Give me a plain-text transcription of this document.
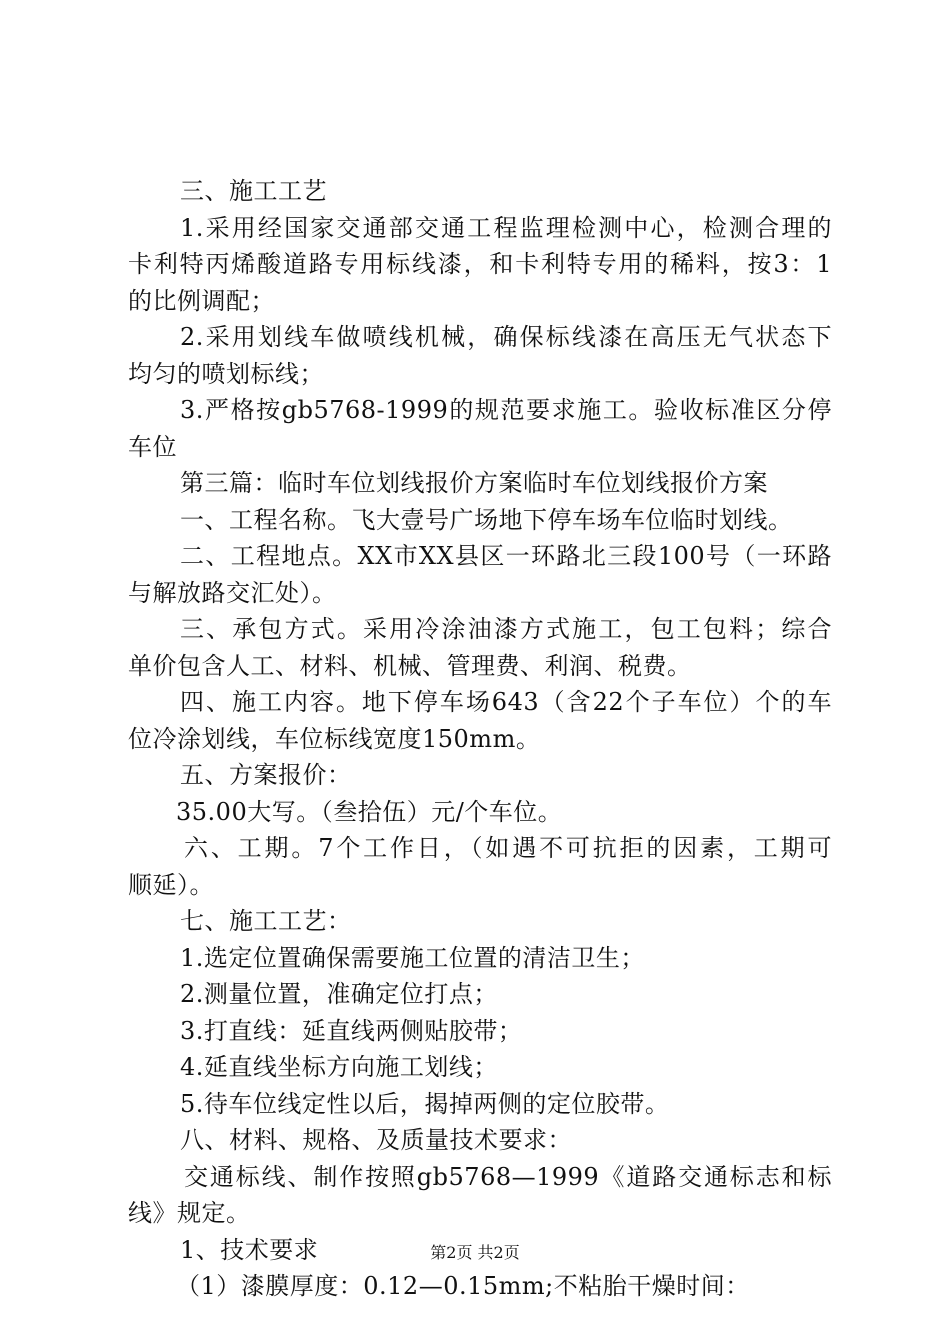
三、施工工艺
1.采用经国家交通部交通工程监理检测中心，检测合理的
卡利特丙烯酸道路专用标线漆，和卡利特专用的稀料，按3：1
的比例调配；
2.采用划线车做喷线机械，确保标线漆在高压无气状态下
均匀的喷划标线；
3.严格按gb5768-1999的规范要求施工。验收标准区分停
车位
第三篇：临时车位划线报价方案临时车位划线报价方案
一、工程名称。飞大壹号广场地下停车场车位临时划线。
二、工程地点。XX市XX县区一环路北三段100号（一环路
与解放路交汇处）。
三、承包方式。采用冷涂油漆方式施工，包工包料；综合
单价包含人工、材料、机械、管理费、利润、税费。
四、施工内容。地下停车场643（含22个子车位）个的车
位冷涂划线，车位标线宽度150mm。
五、方案报价：
35.00大写。（叁拾伍）元/个车位。
六、工期。7个工作日，（如遇不可抗拒的因素，工期可
顺延）。
七、施工工艺：
1.选定位置确保需要施工位置的清洁卫生；
2.测量位置，准确定位打点；
3.打直线：延直线两侧贴胶带；
4.延直线坐标方向施工划线；
5.待车位线定性以后，揭掉两侧的定位胶带。
八、材料、规格、及质量技术要求：
交通标线、制作按照gb5768—1999《道路交通标志和标
线》规定。
1、技术要求
（1）漆膜厚度：0.12—0.15mm;不粘胎干燥时间：
第2页 共2页
